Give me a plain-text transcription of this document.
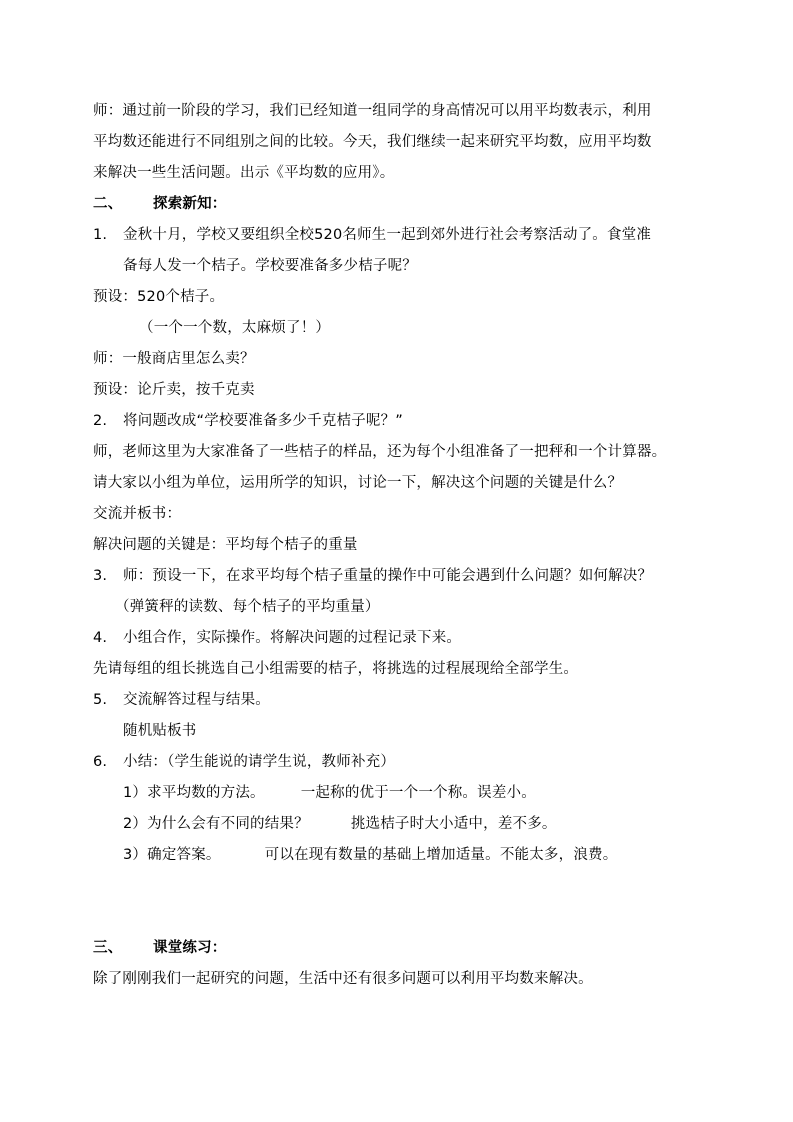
师：通过前一阶段的学习，我们已经知道一组同学的身高情况可以用平均数表示，利用
平均数还能进行不同组别之间的比较。今天，我们继续一起来研究平均数，应用平均数
来解决一些生活问题。出示《平均数的应用》。
二、 探索新知：
1. 金秋十月，学校又要组织全校520名师生一起到郊外进行社会考察活动了。食堂准
备每人发一个桔子。学校要准备多少桔子呢？
预设：520个桔子。
（一个一个数，太麻烦了！）
师：一般商店里怎么卖？
预设：论斤卖，按千克卖
2. 将问题改成“学校要准备多少千克桔子呢？”
师，老师这里为大家准备了一些桔子的样品，还为每个小组准备了一把秤和一个计算器。
请大家以小组为单位，运用所学的知识，讨论一下，解决这个问题的关键是什么？
交流并板书：
解决问题的关键是：平均每个桔子的重量
3. 师：预设一下，在求平均每个桔子重量的操作中可能会遇到什么问题？如何解决？
（弹簧秤的读数、每个桔子的平均重量）
4. 小组合作，实际操作。将解决问题的过程记录下来。
先请每组的组长挑选自己小组需要的桔子，将挑选的过程展现给全部学生。
5. 交流解答过程与结果。
随机贴板书
6. 小结：（学生能说的请学生说，教师补充）
1）求平均数的方法。 一起称的优于一个一个称。误差小。
2）为什么会有不同的结果？	挑选桔子时大小适中，差不多。
3）确定答案。	可以在现有数量的基础上增加适量。不能太多，浪费。
三、 课堂练习：
除了刚刚我们一起研究的问题，生活中还有很多问题可以利用平均数来解决。
